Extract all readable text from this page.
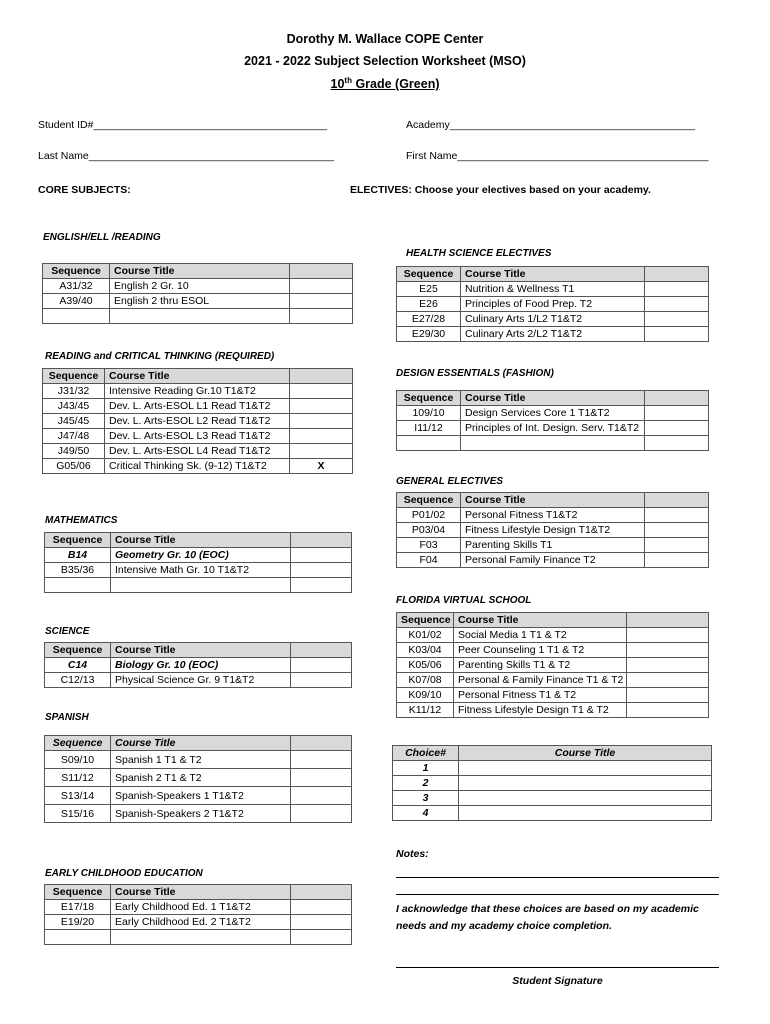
Dorothy M. Wallace COPE Center
2021 - 2022 Subject Selection Worksheet (MSO)
10th Grade (Green)
Student ID#________________________________________	Academy__________________________________________
Last Name__________________________________________	First Name___________________________________________
CORE SUBJECTS:	ELECTIVES: Choose your electives based on your academy.
ENGLISH/ELL /READING
READING and CRITICAL THINKING (REQUIRED)
MATHEMATICS
SCIENCE
SPANISH
EARLY CHILDHOOD EDUCATION
HEALTH SCIENCE ELECTIVES
DESIGN ESSENTIALS (FASHION)
GENERAL ELECTIVES
FLORIDA VIRTUAL SCHOOL
Sequence	Course Title	
A31/32	English 2 Gr. 10	
A39/40	English 2 thru ESOL	

Sequence	Course Title	
J31/32	Intensive Reading Gr.10 T1&T2	
J43/45	Dev. L. Arts-ESOL L1 Read T1&T2	
J45/45	Dev. L. Arts-ESOL L2 Read T1&T2	
J47/48	Dev. L. Arts-ESOL L3 Read T1&T2	
J49/50	Dev. L. Arts-ESOL L4 Read T1&T2	
G05/06	Critical Thinking Sk. (9-12) T1&T2	X
Sequence	Course Title	
B14	Geometry Gr. 10 (EOC)	
B35/36	Intensive Math Gr. 10 T1&T2	

Sequence	Course Title	
C14	Biology Gr. 10 (EOC)	
C12/13	Physical Science Gr. 9 T1&T2	
Sequence	Course Title	
S09/10	Spanish 1 T1 & T2	
S11/12	Spanish 2 T1 & T2	
S13/14	Spanish-Speakers 1 T1&T2	
S15/16	Spanish-Speakers 2 T1&T2	
Sequence	Course Title	
E17/18	Early Childhood Ed. 1 T1&T2	
E19/20	Early Childhood Ed. 2 T1&T2	

Sequence	Course Title	
E25	Nutrition & Wellness T1	
E26	Principles of Food Prep. T2	
E27/28	Culinary Arts 1/L2 T1&T2	
E29/30	Culinary Arts 2/L2 T1&T2	
Sequence	Course Title	
109/10	Design Services Core 1 T1&T2	
I11/12	Principles of Int. Design. Serv. T1&T2	

Sequence	Course Title	
P01/02	Personal Fitness T1&T2	
P03/04	Fitness Lifestyle Design T1&T2	
F03	Parenting Skills T1	
F04	Personal Family Finance T2	
Sequence	Course Title	
K01/02	Social Media 1 T1 & T2	
K03/04	Peer Counseling 1 T1 & T2	
K05/06	Parenting Skills T1 & T2	
K07/08	Personal & Family Finance T1 & T2	
K09/10	Personal Fitness T1 & T2	
K11/12	Fitness Lifestyle Design T1 & T2	
Choice#	Course Title
1	
2	
3	
4	
Notes:
I acknowledge that these choices are based on my academic
needs and my academy choice completion.
Student Signature
